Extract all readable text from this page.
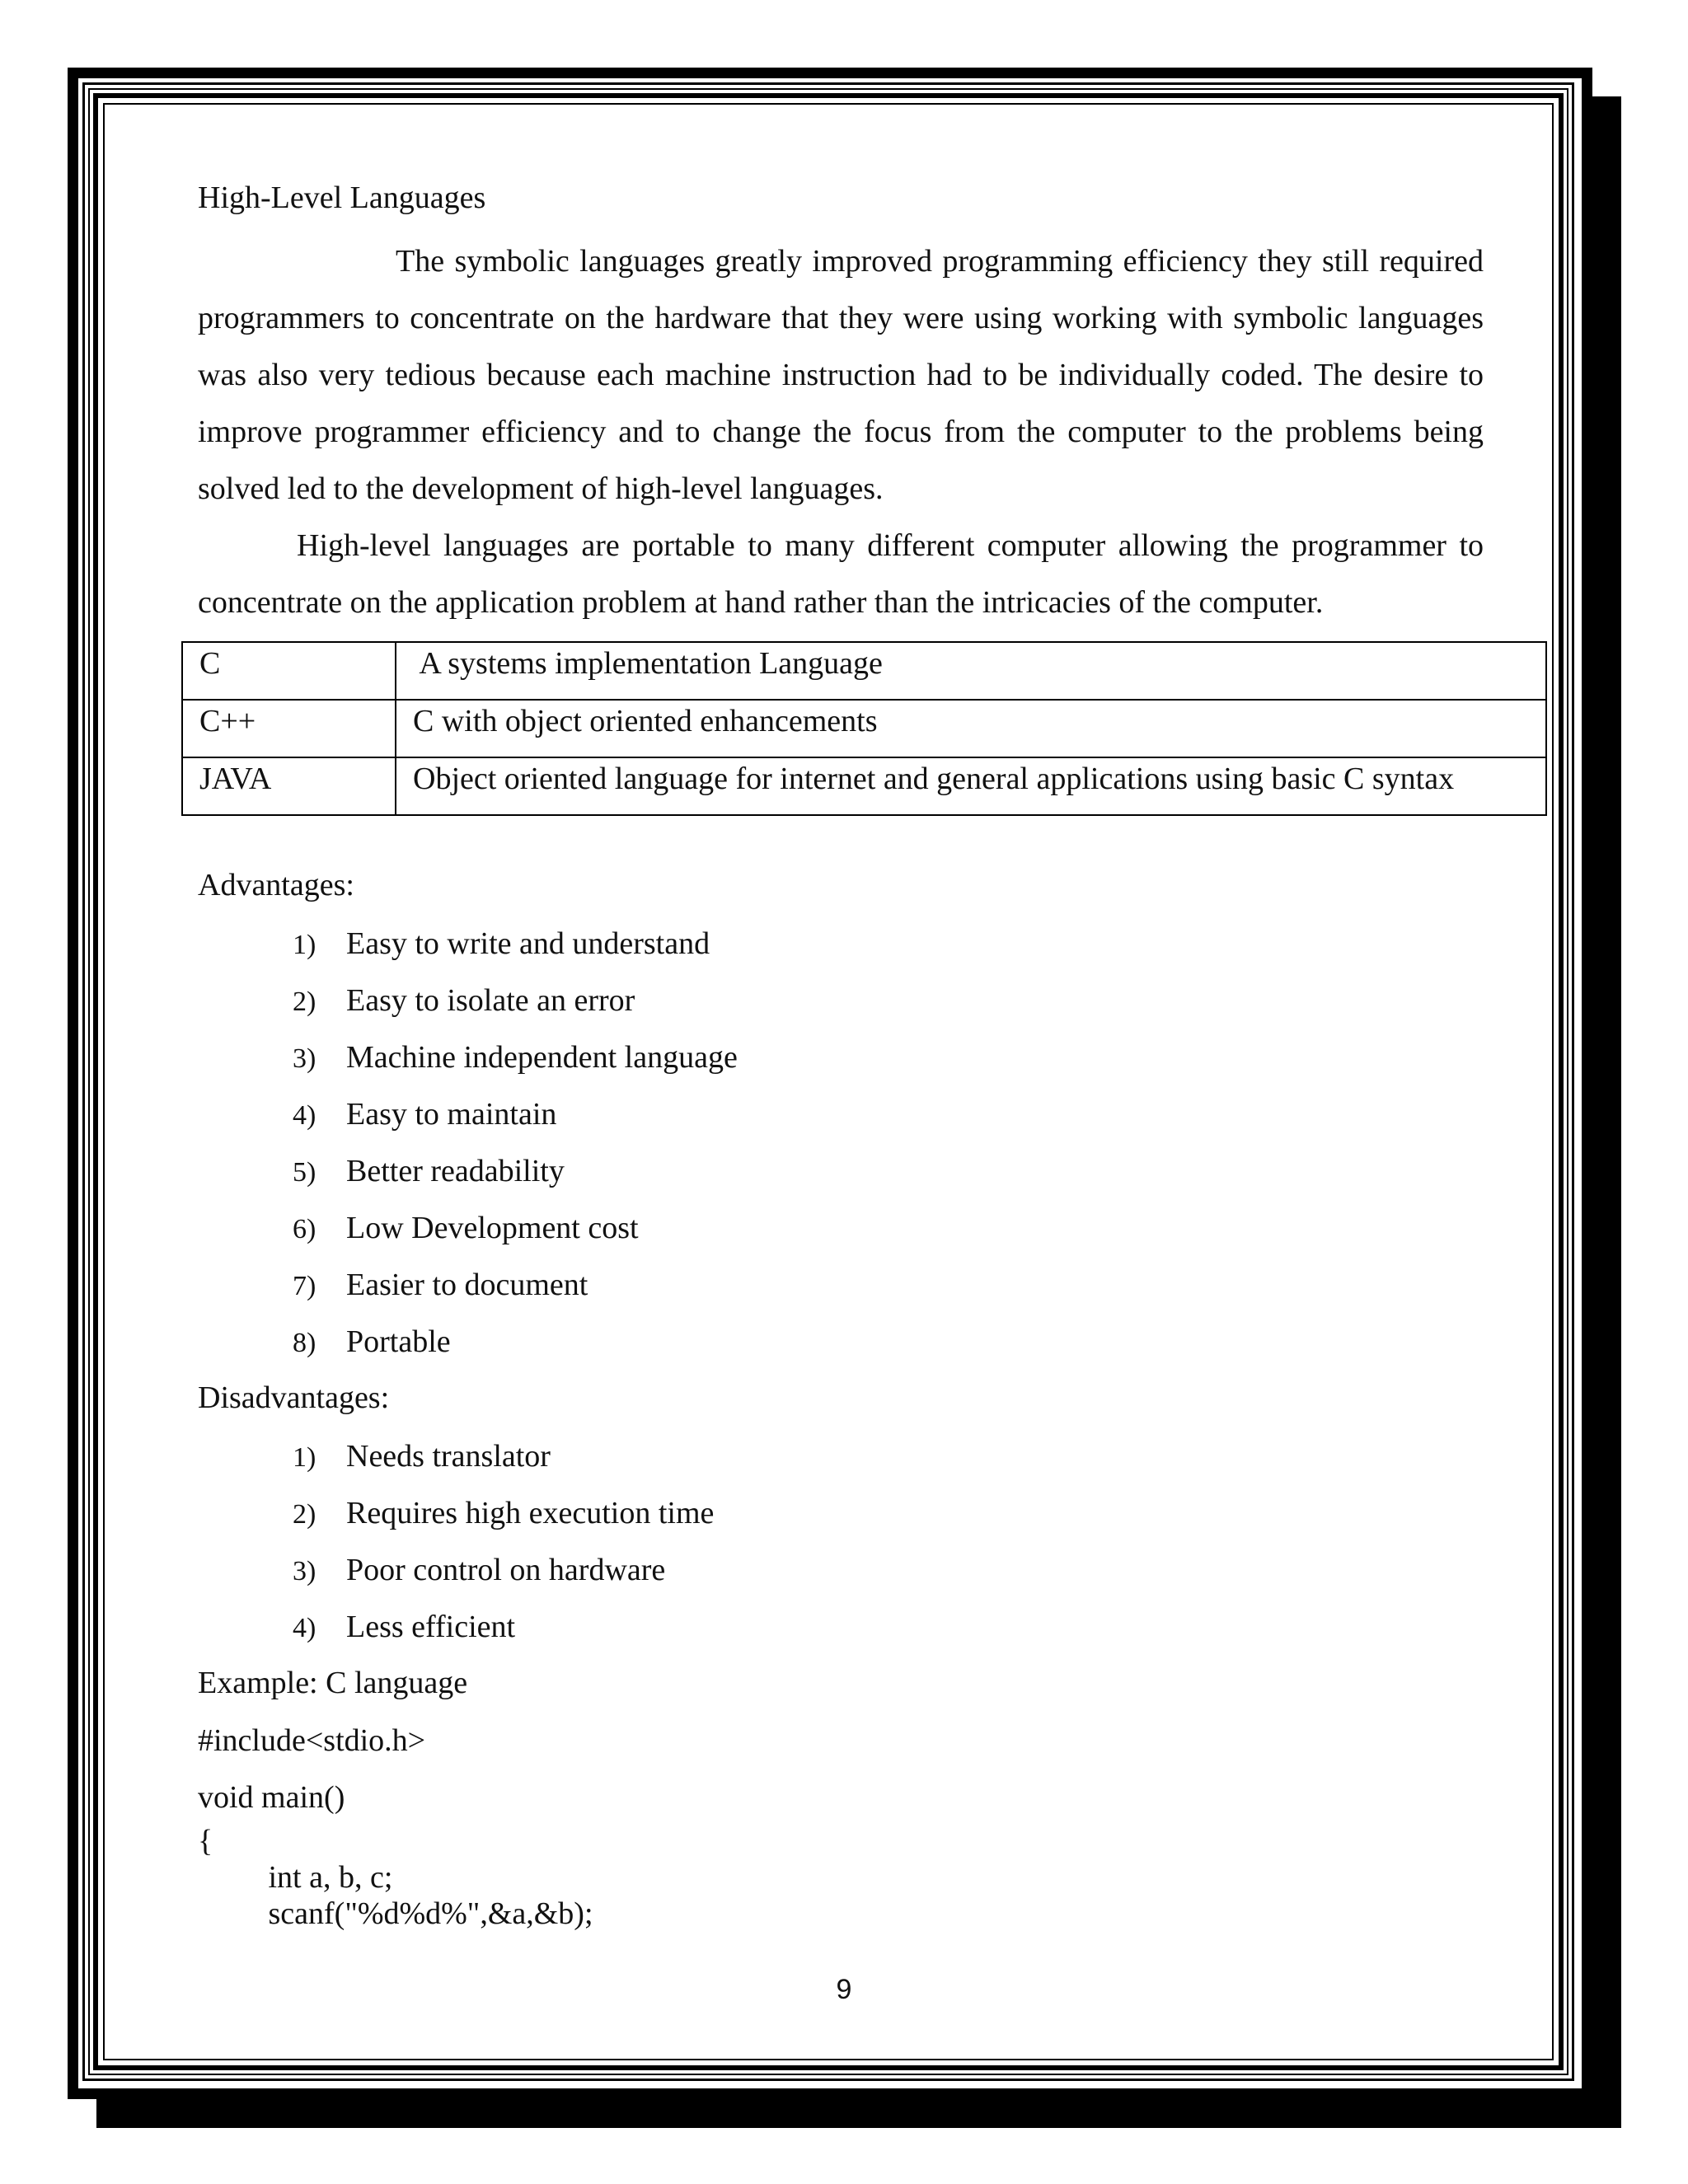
High-Level Languages
The symbolic languages greatly improved programming efficiency they still required programmers to concentrate on the hardware that they were using working with symbolic languages was also very tedious because each machine instruction had to be individually coded. The desire to improve programmer efficiency and to change the focus from the computer to the problems being solved led to the development of high-level languages.
High-level languages are portable to many different computer allowing the programmer to concentrate on the application problem at hand rather than the intricacies of the computer.
C	A systems implementation Language
C++	C with object oriented enhancements
JAVA	Object oriented language for internet and general applications using basic C syntax
Advantages:
1) Easy to write and understand
2) Easy to isolate an error
3) Machine independent language
4) Easy to maintain
5) Better readability
6) Low Development cost
7) Easier to document
8) Portable
Disadvantages:
1) Needs translator
2) Requires high execution time
3) Poor control on hardware
4) Less efficient
Example: C language
#include<stdio.h>
void main()
{
int a, b, c;
scanf("%d%d%",&a,&b);
9
